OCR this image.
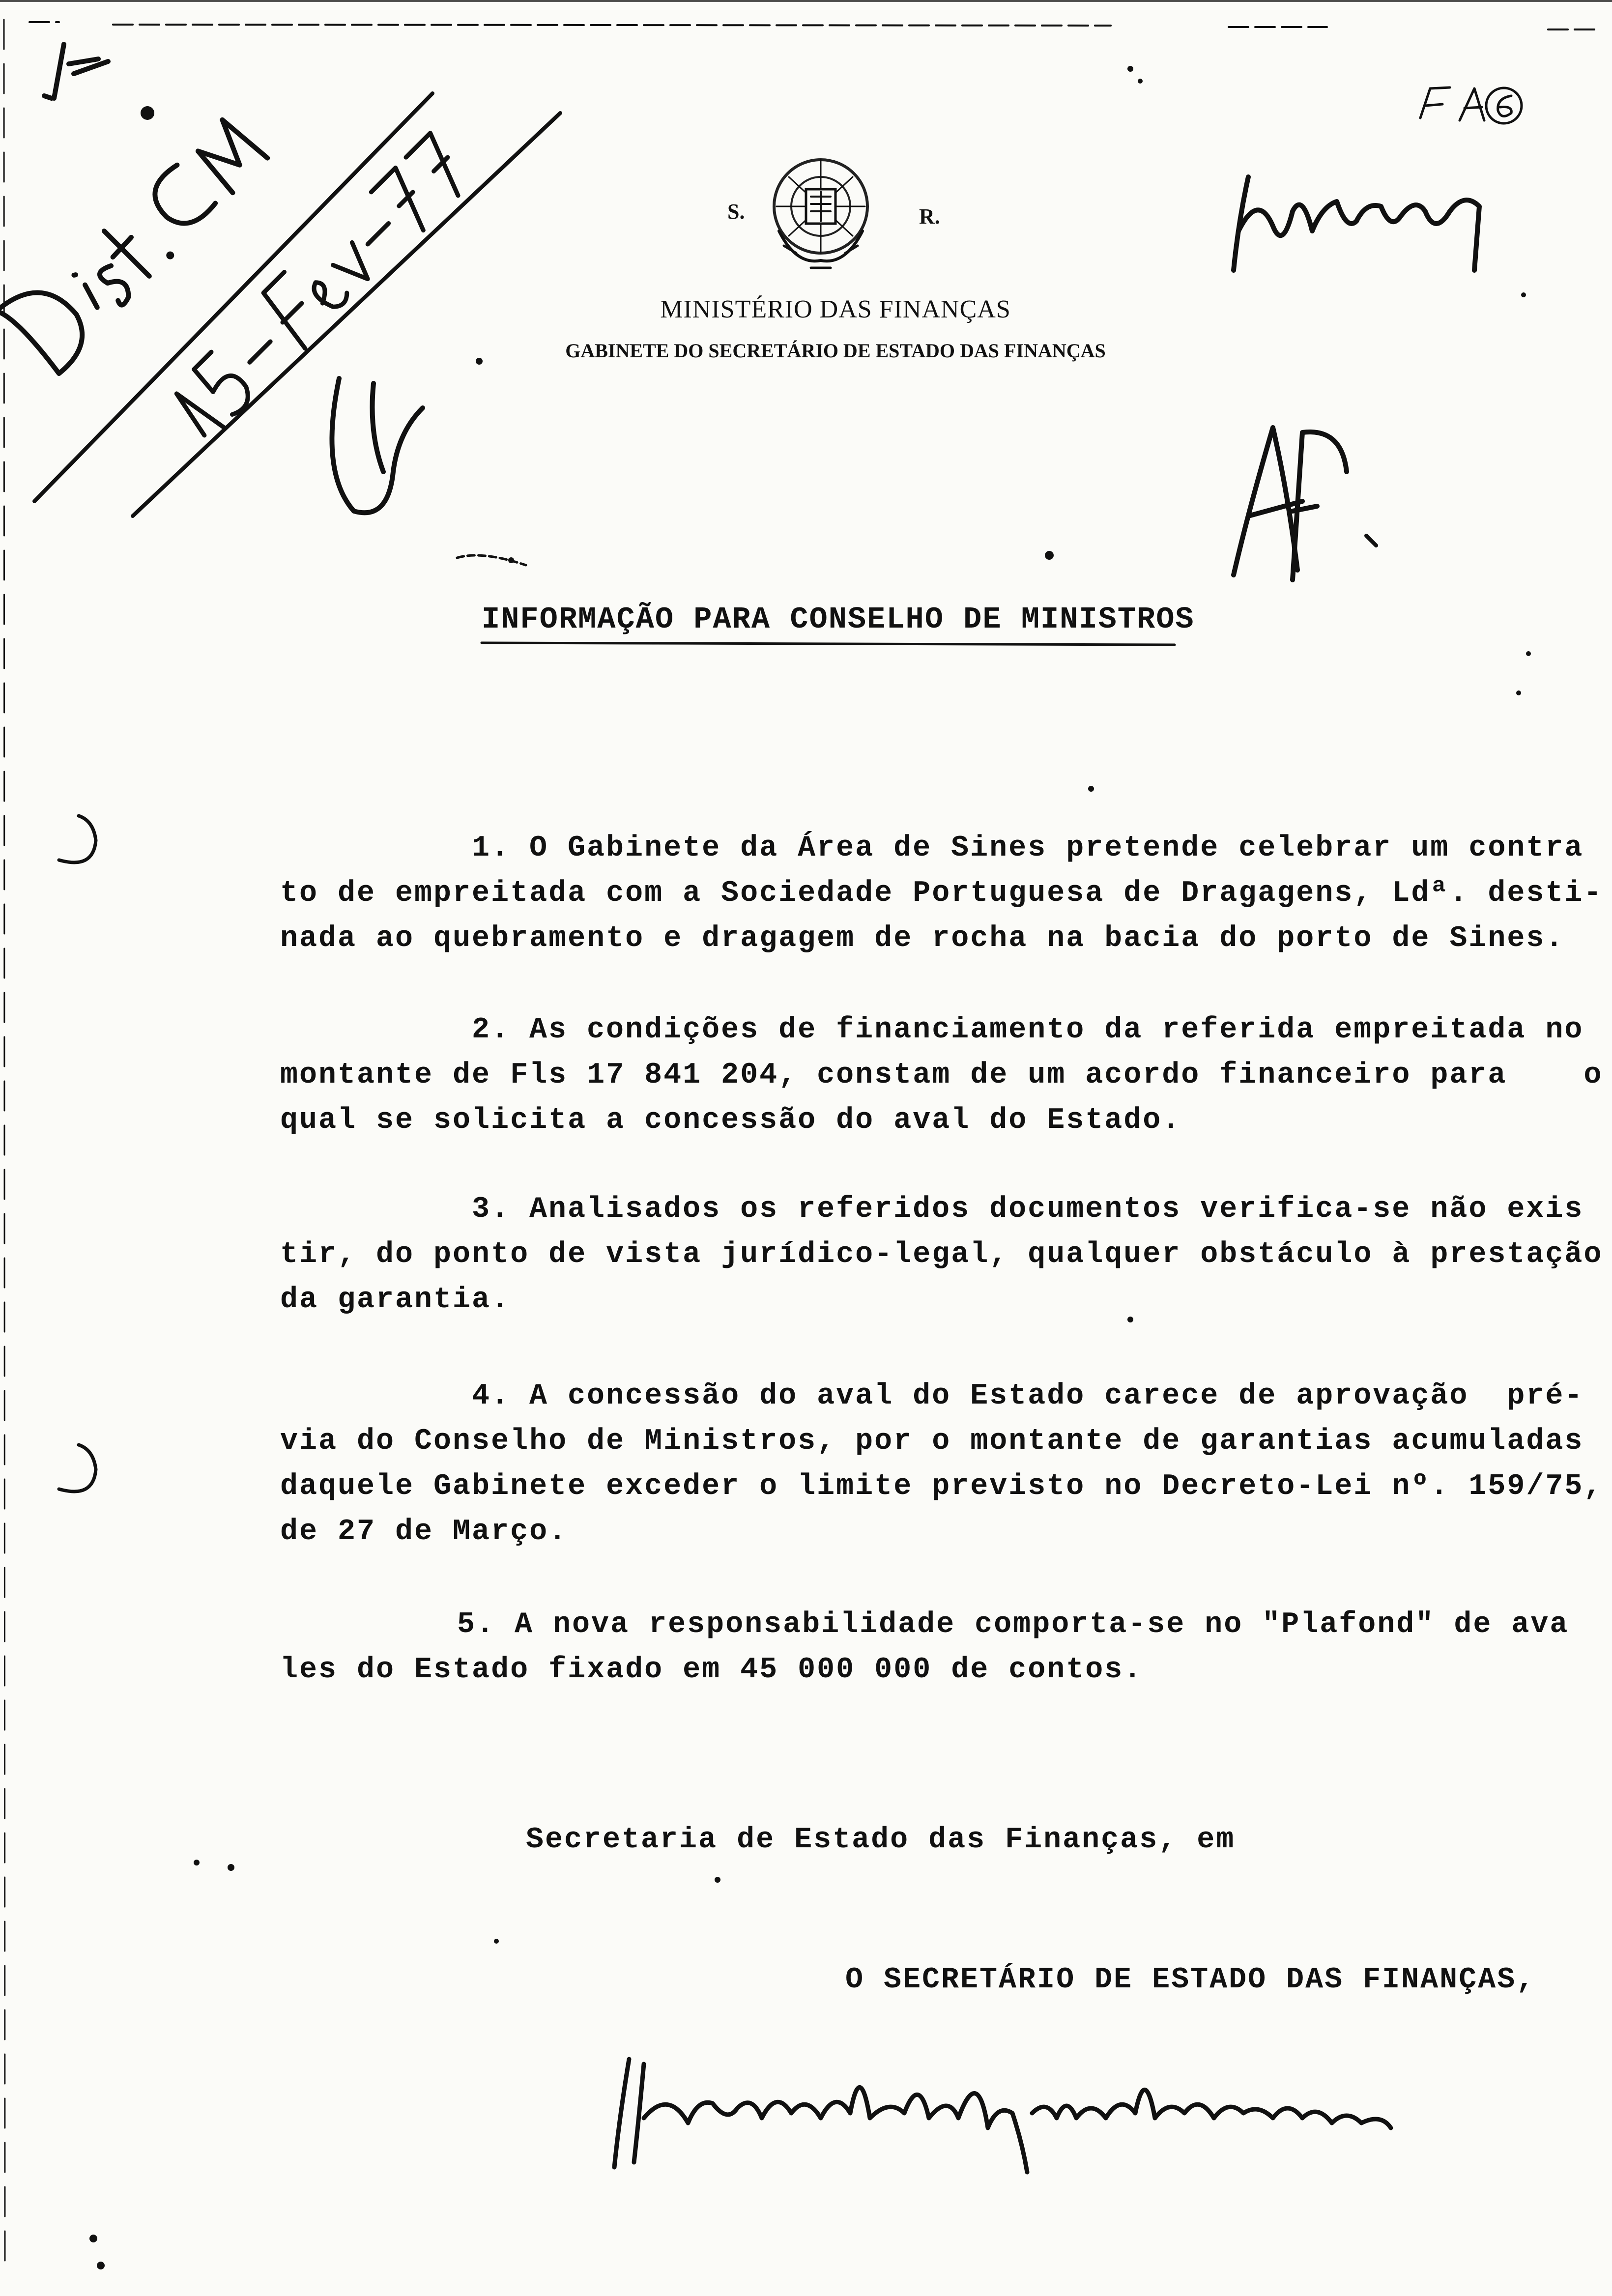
S.	R.
MINISTÉRIO DAS FINANÇAS
GABINETE DO SECRETÁRIO DE ESTADO DAS FINANÇAS
INFORMAÇÃO PARA CONSELHO DE MINISTROS

1. O Gabinete da Área de Sines pretende celebrar um contra

to de empreitada com a Sociedade Portuguesa de Dragagens, Ldª. desti-

nada ao quebramento e dragagem de rocha na bacia do porto de Sines.

2. As condições de financiamento da referida empreitada no

montante de Fls 17 841 204, constam de um acordo financeiro para    o

qual se solicita a concessão do aval do Estado.

3. Analisados os referidos documentos verifica-se não exis

tir, do ponto de vista jurídico-legal, qualquer obstáculo à prestação

da garantia.

4. A concessão do aval do Estado carece de aprovação  pré-

via do Conselho de Ministros, por o montante de garantias acumuladas

daquele Gabinete exceder o limite previsto no Decreto-Lei nº. 159/75,

de 27 de Março.

5. A nova responsabilidade comporta-se no "Plafond" de ava

les do Estado fixado em 45 000 000 de contos.

Secretaria de Estado das Finanças, em
O SECRETÁRIO DE ESTADO DAS FINANÇAS,
